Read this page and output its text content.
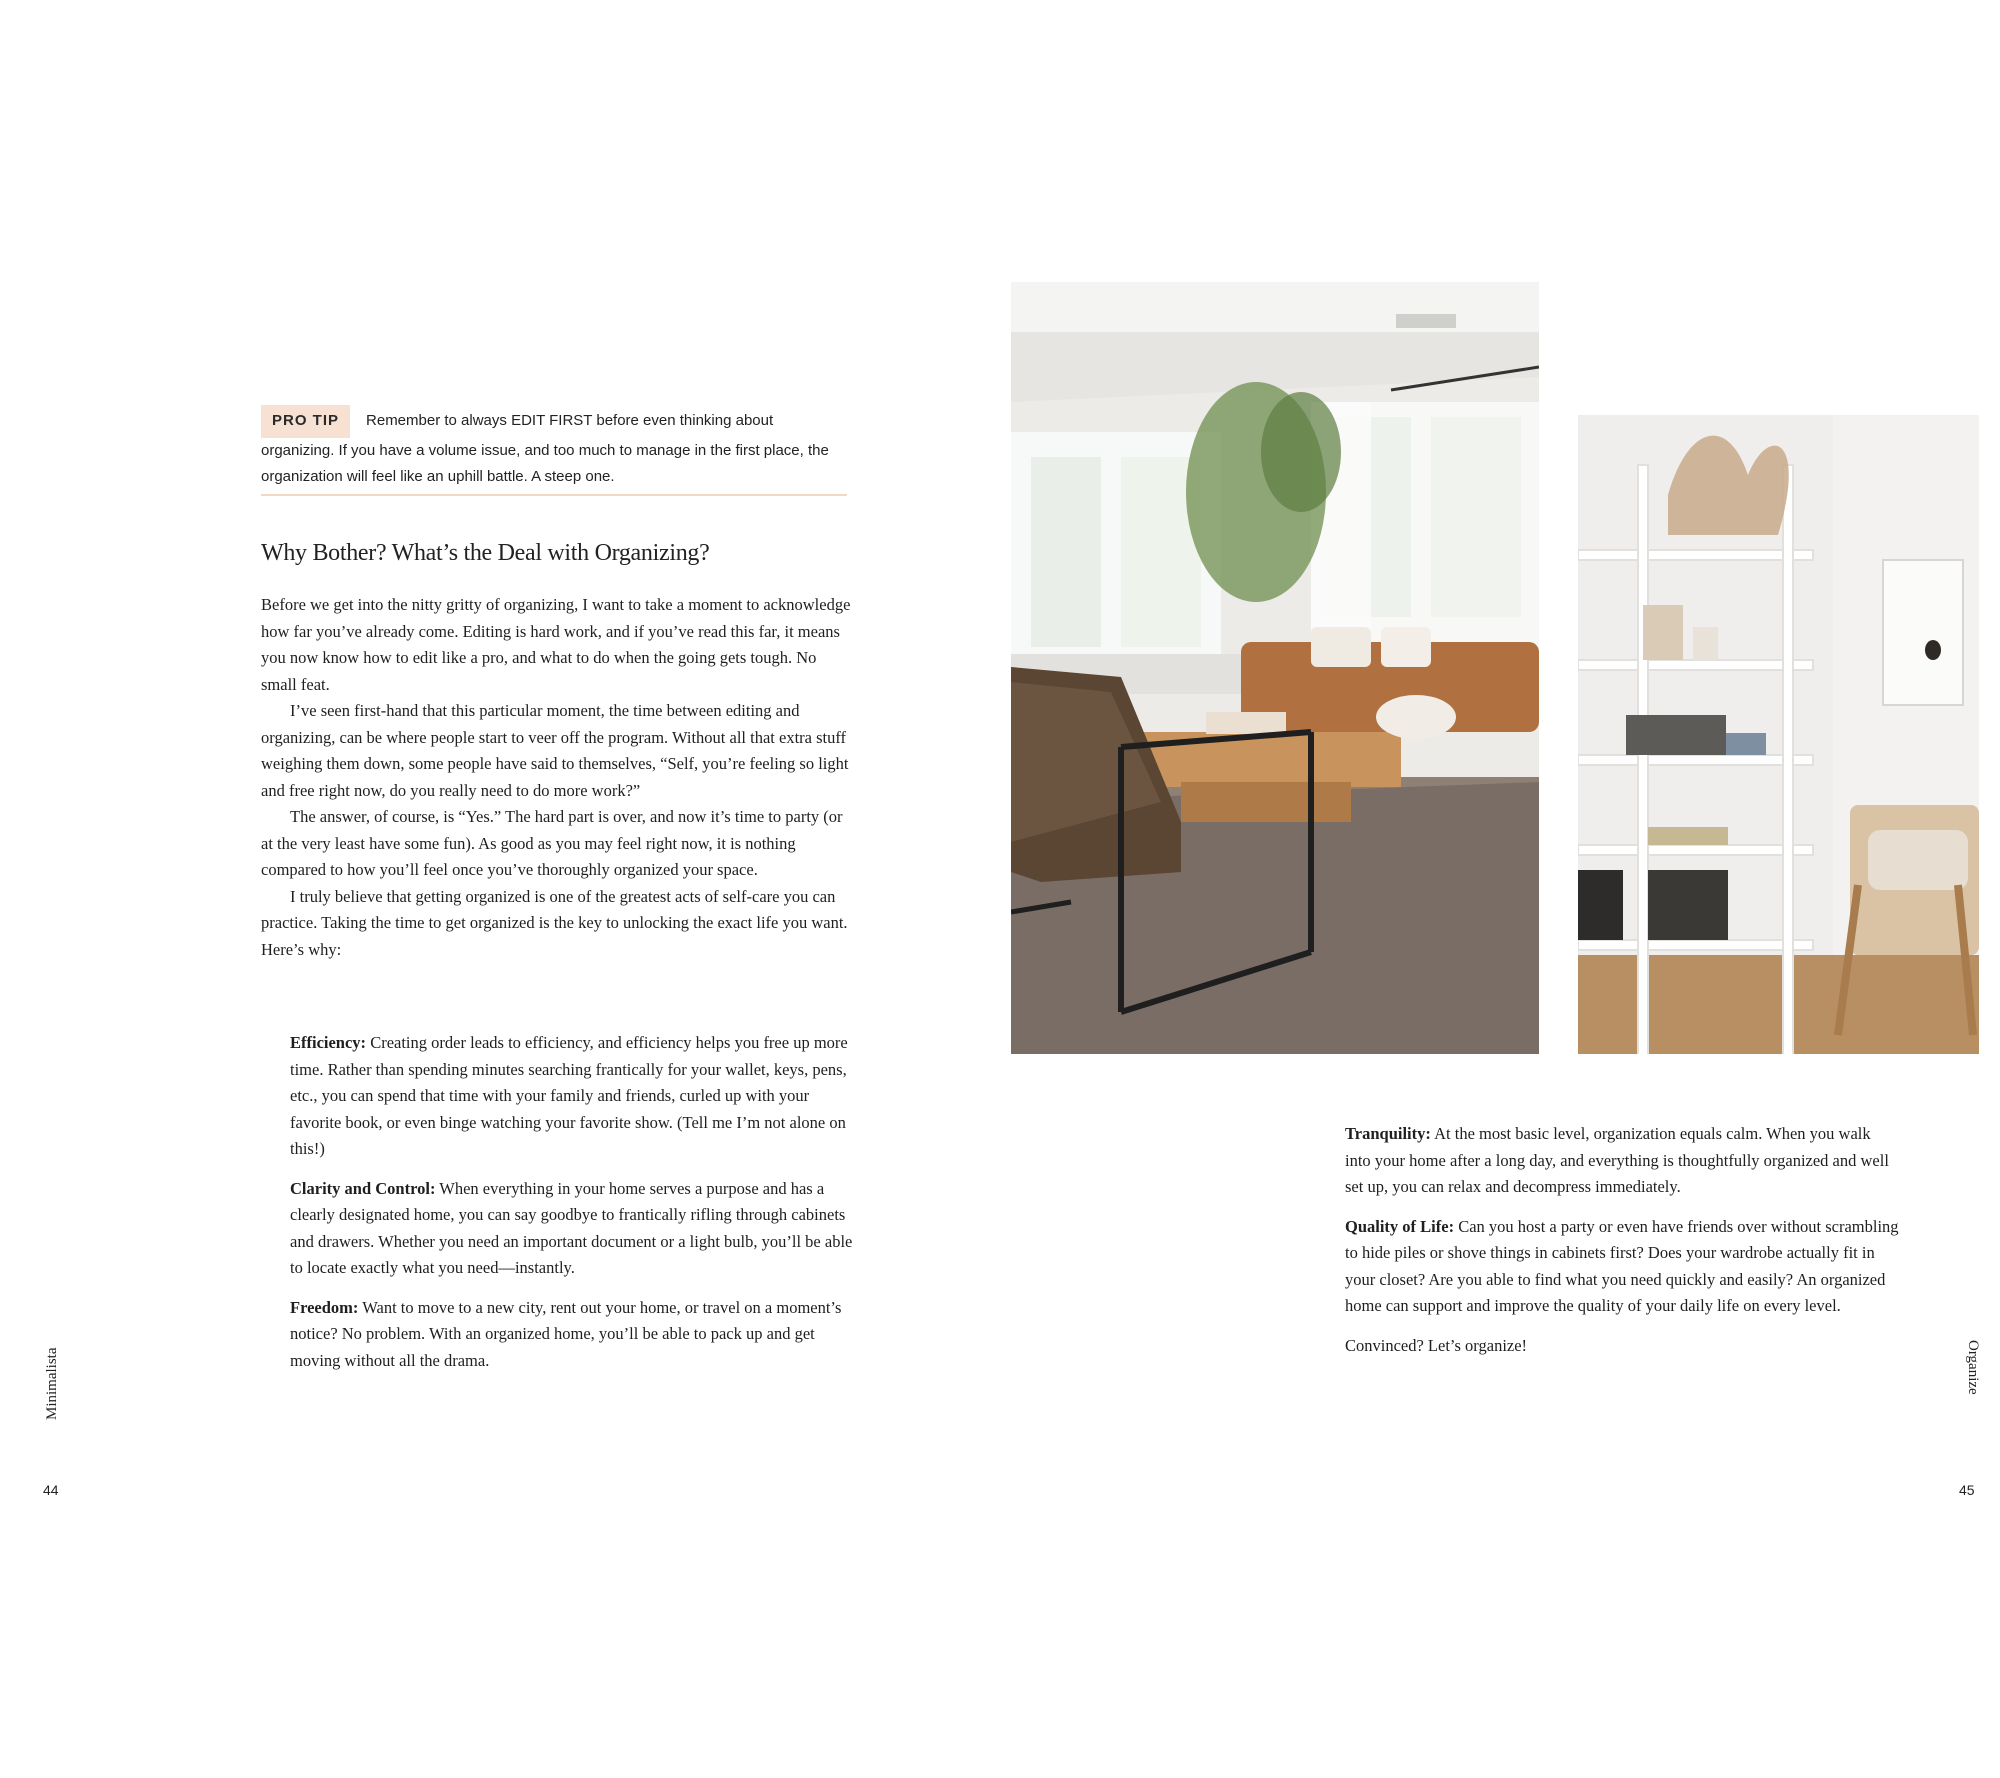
PRO TIP Remember to always EDIT FIRST before even thinking about organizing. If you have a volume issue, and too much to manage in the first place, the organization will feel like an uphill battle. A steep one.
Why Bother? What’s the Deal with Organizing?

Before we get into the nitty gritty of organizing, I want to take a moment to acknowledge how far you’ve already come. Editing is hard work, and if you’ve read this far, it means you now know how to edit like a pro, and what to do when the going gets tough. No small feat.

I’ve seen first-hand that this particular moment, the time between editing and organizing, can be where people start to veer off the program. Without all that extra stuff weighing them down, some people have said to themselves, “Self, you’re feeling so light and free right now, do you really need to do more work?”

The answer, of course, is “Yes.” The hard part is over, and now it’s time to party (or at the very least have some fun). As good as you may feel right now, it is nothing compared to how you’ll feel once you’ve thoroughly organized your space.

I truly believe that getting organized is one of the greatest acts of self-care you can practice. Taking the time to get organized is the key to unlocking the exact life you want. Here’s why:

Efficiency: Creating order leads to efficiency, and efficiency helps you free up more time. Rather than spending minutes searching frantically for your wallet, keys, pens, etc., you can spend that time with your family and friends, curled up with your favorite book, or even binge watching your favorite show. (Tell me I’m not alone on this!)

Clarity and Control: When everything in your home serves a purpose and has a clearly designated home, you can say goodbye to frantically rifling through cabinets and drawers. Whether you need an important document or a light bulb, you’ll be able to locate exactly what you need—instantly.

Freedom: Want to move to a new city, rent out your home, or travel on a moment’s notice? No problem. With an organized home, you’ll be able to pack up and get moving without all the drama.

Tranquility: At the most basic level, organization equals calm. When you walk into your home after a long day, and everything is thoughtfully organized and well set up, you can relax and decompress immediately.

Quality of Life: Can you host a party or even have friends over without scrambling to hide piles or shove things in cabinets first? Does your wardrobe actually fit in your closet? Are you able to find what you need quickly and easily? An organized home can support and improve the quality of your daily life on every level.

Convinced? Let’s organize!

Minimalista	Organize
44	45
